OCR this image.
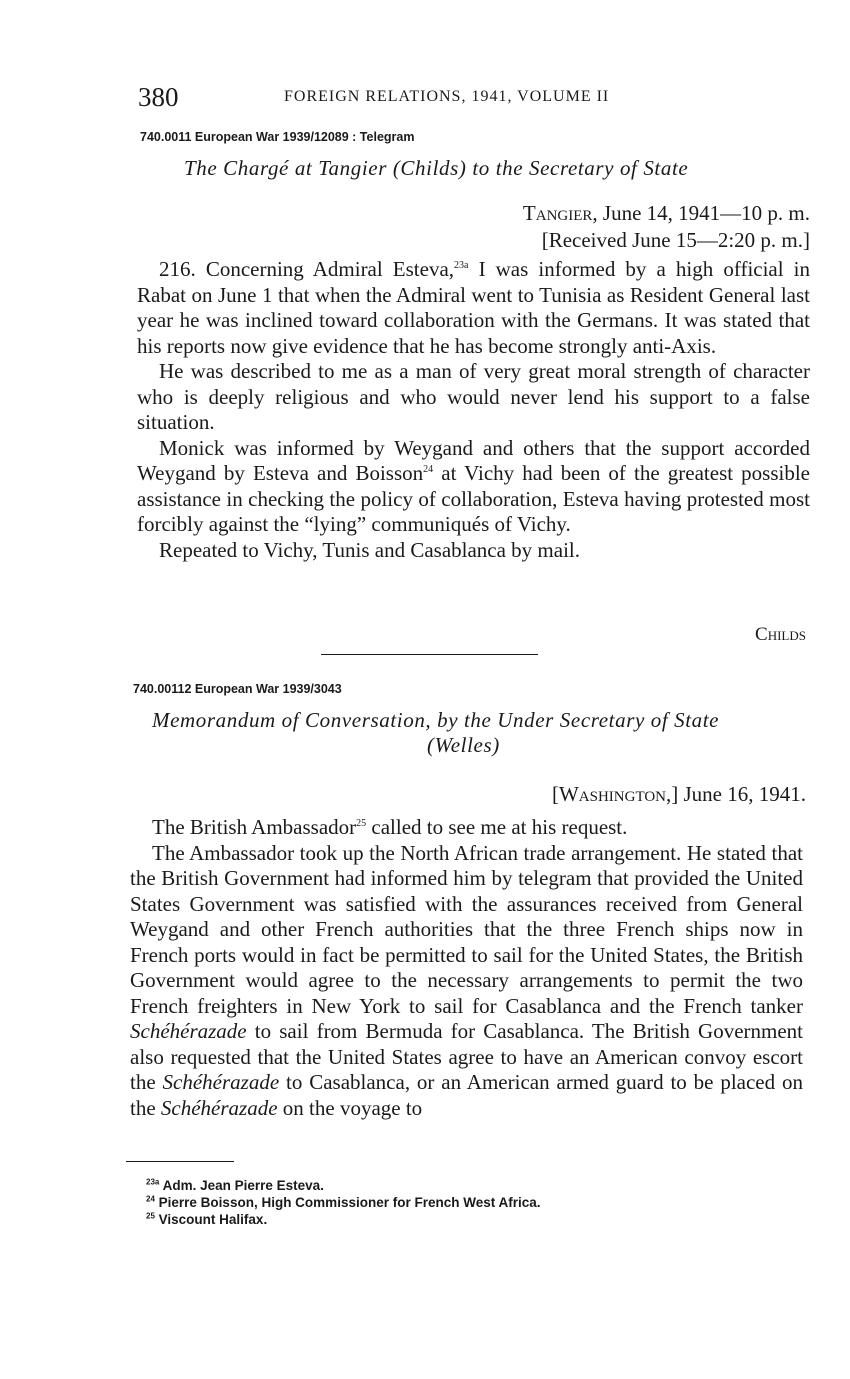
380	FOREIGN RELATIONS, 1941, VOLUME II
740.0011 European War 1939/12089 : Telegram
The Chargé at Tangier (Childs) to the Secretary of State
Tangier, June 14, 1941—10 p. m.
[Received June 15—2:20 p. m.]

216. Concerning Admiral Esteva,$^{23a}$ I was informed by a high official in Rabat on June 1 that when the Admiral went to Tunisia as Resident General last year he was inclined toward collaboration with the Germans. It was stated that his reports now give evidence that he has become strongly anti-Axis.

He was described to me as a man of very great moral strength of character who is deeply religious and who would never lend his support to a false situation.

Monick was informed by Weygand and others that the support accorded Weygand by Esteva and Boisson$^{24}$ at Vichy had been of the greatest possible assistance in checking the policy of collaboration, Esteva having protested most forcibly against the “lying” communiqués of Vichy.

Repeated to Vichy, Tunis and Casablanca by mail.

Childs
740.00112 European War 1939/3043
Memorandum of Conversation, by the Under Secretary of State
(Welles)
[Washington,] June 16, 1941.

The British Ambassador$^{25}$ called to see me at his request.

The Ambassador took up the North African trade arrangement. He stated that the British Government had informed him by telegram that provided the United States Government was satisfied with the assurances received from General Weygand and other French authorities that the three French ships now in French ports would in fact be permitted to sail for the United States, the British Government would agree to the necessary arrangements to permit the two French freighters in New York to sail for Casablanca and the French tanker Schéhérazade to sail from Bermuda for Casablanca. The British Government also requested that the United States agree to have an American convoy escort the Schéhérazade to Casablanca, or an American armed guard to be placed on the Schéhérazade on the voyage to

$^{23a}$ Adm. Jean Pierre Esteva.
$^{24}$ Pierre Boisson, High Commissioner for French West Africa.
$^{25}$ Viscount Halifax.
